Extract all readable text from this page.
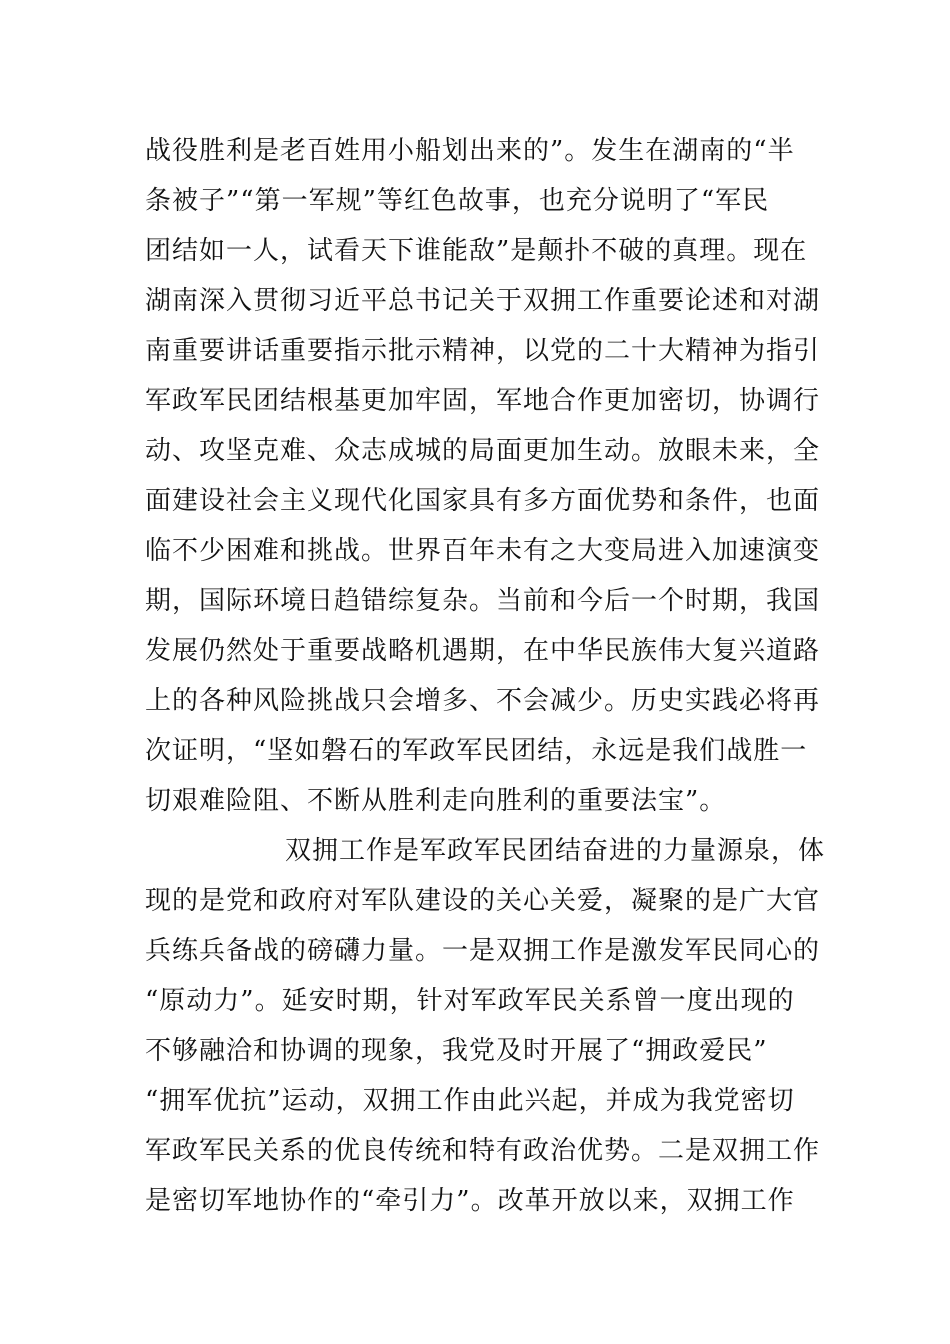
战役胜利是老百姓用小船划出来的”。发生在湖南的“半
条被子”“第一军规”等红色故事，也充分说明了“军民
团结如一人，试看天下谁能敌”是颠扑不破的真理。现在
湖南深入贯彻习近平总书记关于双拥工作重要论述和对湖
南重要讲话重要指示批示精神，以党的二十大精神为指引
军政军民团结根基更加牢固，军地合作更加密切，协调行
动、攻坚克难、众志成城的局面更加生动。放眼未来，全
面建设社会主义现代化国家具有多方面优势和条件，也面
临不少困难和挑战。世界百年未有之大变局进入加速演变
期，国际环境日趋错综复杂。当前和今后一个时期，我国
发展仍然处于重要战略机遇期，在中华民族伟大复兴道路
上的各种风险挑战只会增多、不会减少。历史实践必将再
次证明，“坚如磐石的军政军民团结，永远是我们战胜一
切艰难险阻、不断从胜利走向胜利的重要法宝”。
双拥工作是军政军民团结奋进的力量源泉，体
现的是党和政府对军队建设的关心关爱，凝聚的是广大官
兵练兵备战的磅礴力量。一是双拥工作是激发军民同心的
“原动力”。延安时期，针对军政军民关系曾一度出现的
不够融洽和协调的现象，我党及时开展了“拥政爱民”
“拥军优抗”运动，双拥工作由此兴起，并成为我党密切
军政军民关系的优良传统和特有政治优势。二是双拥工作
是密切军地协作的“牵引力”。改革开放以来，双拥工作
